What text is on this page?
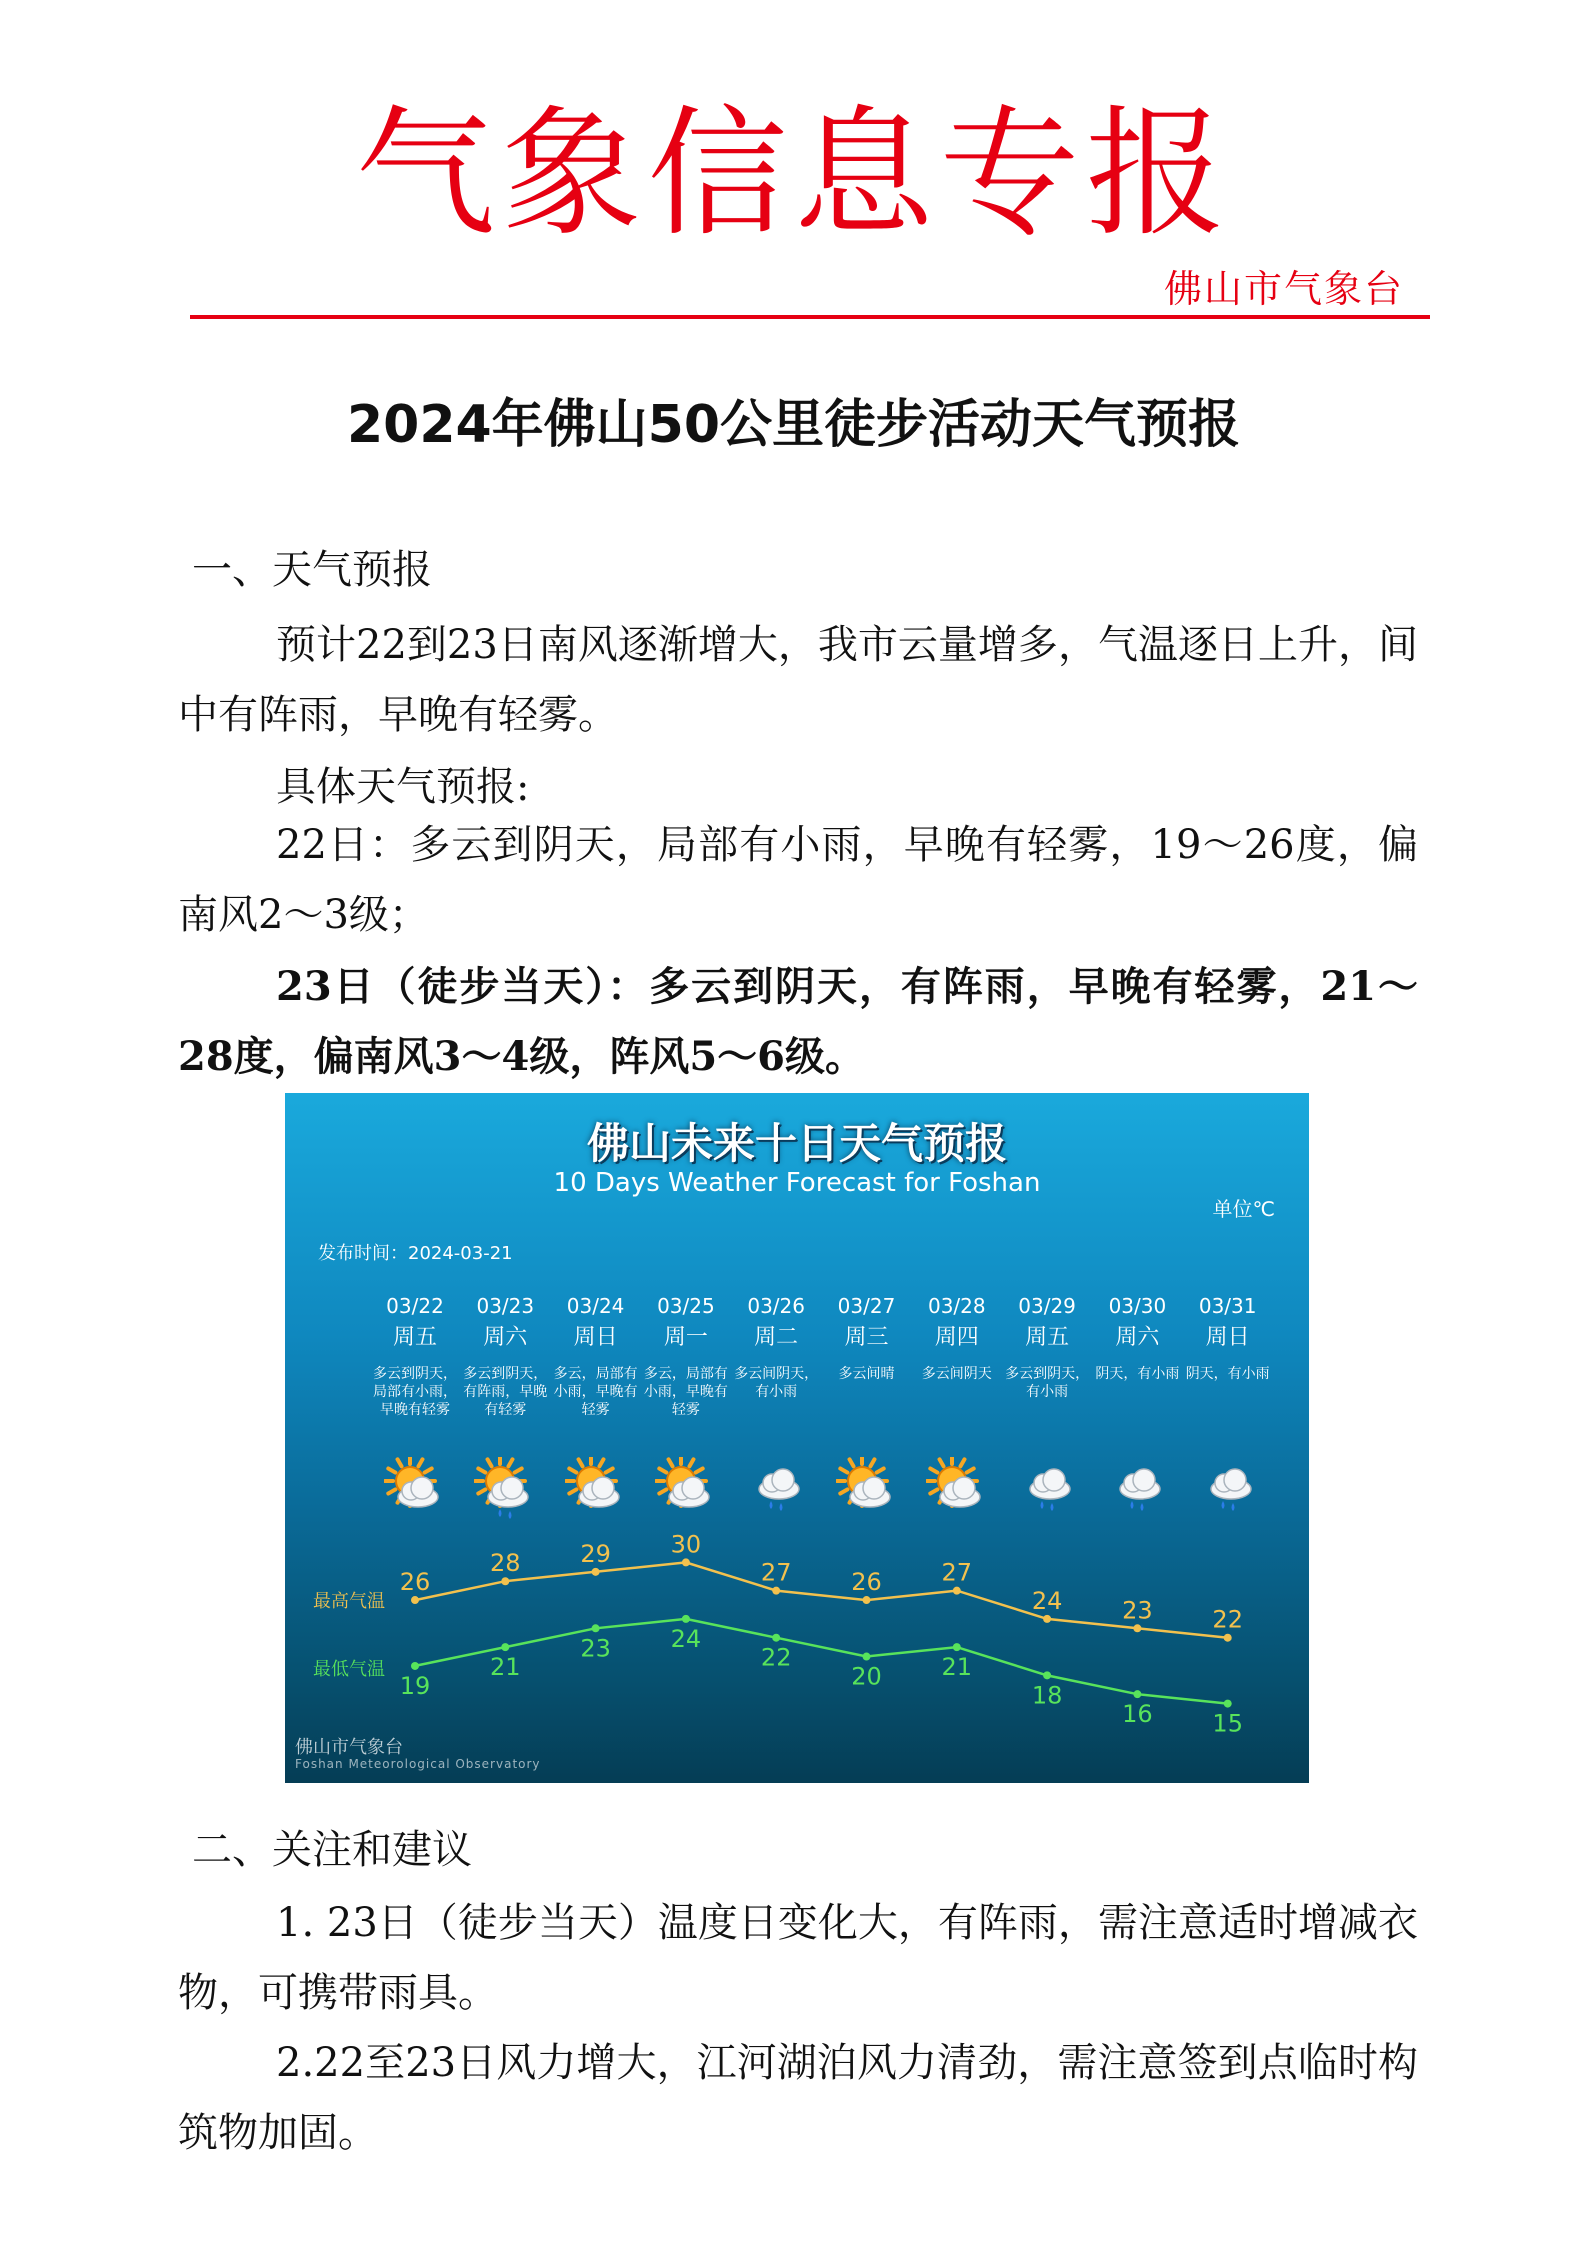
气象信息专报
佛山市气象台
2024年佛山50公里徒步活动天气预报
一、天气预报
预计22到23日南风逐渐增大，我市云量增多，气温逐日上升，间中有阵雨，早晚有轻雾。
具体天气预报:
22日：多云到阴天，局部有小雨，早晚有轻雾，19～26度，偏南风2～3级；
23日（徒步当天）：多云到阴天，有阵雨，早晚有轻雾，21～28度，偏南风3～4级，阵风5～6级。
佛山未来十日天气预报
10 Days Weather Forecast for Foshan
单位℃
发布时间：2024-03-21
03/22
周五
多云到阴天，局部有小雨，早晚有轻雾
03/23
周六
多云到阴天，有阵雨，早晚有轻雾
03/24
周日
多云，局部有小雨，早晚有轻雾
03/25
周一
多云，局部有小雨，早晚有轻雾
03/26
周二
多云间阴天，有小雨
03/27
周三
多云间晴
03/28
周四
多云间阴天
03/29
周五
多云到阴天，有小雨
03/30
周六
阴天，有小雨
03/31
周日
阴天，有小雨
最高气温
最低气温
26
28 29 30
27 26 27
24 23 22
19
21
23 24
22
20 21
18
16 15
佛山市气象台
Foshan Meteorological Observatory
二、关注和建议
1. 23日（徒步当天）温度日变化大，有阵雨，需注意适时增减衣物，可携带雨具。
2.22至23日风力增大，江河湖泊风力清劲，需注意签到点临时构筑物加固。
